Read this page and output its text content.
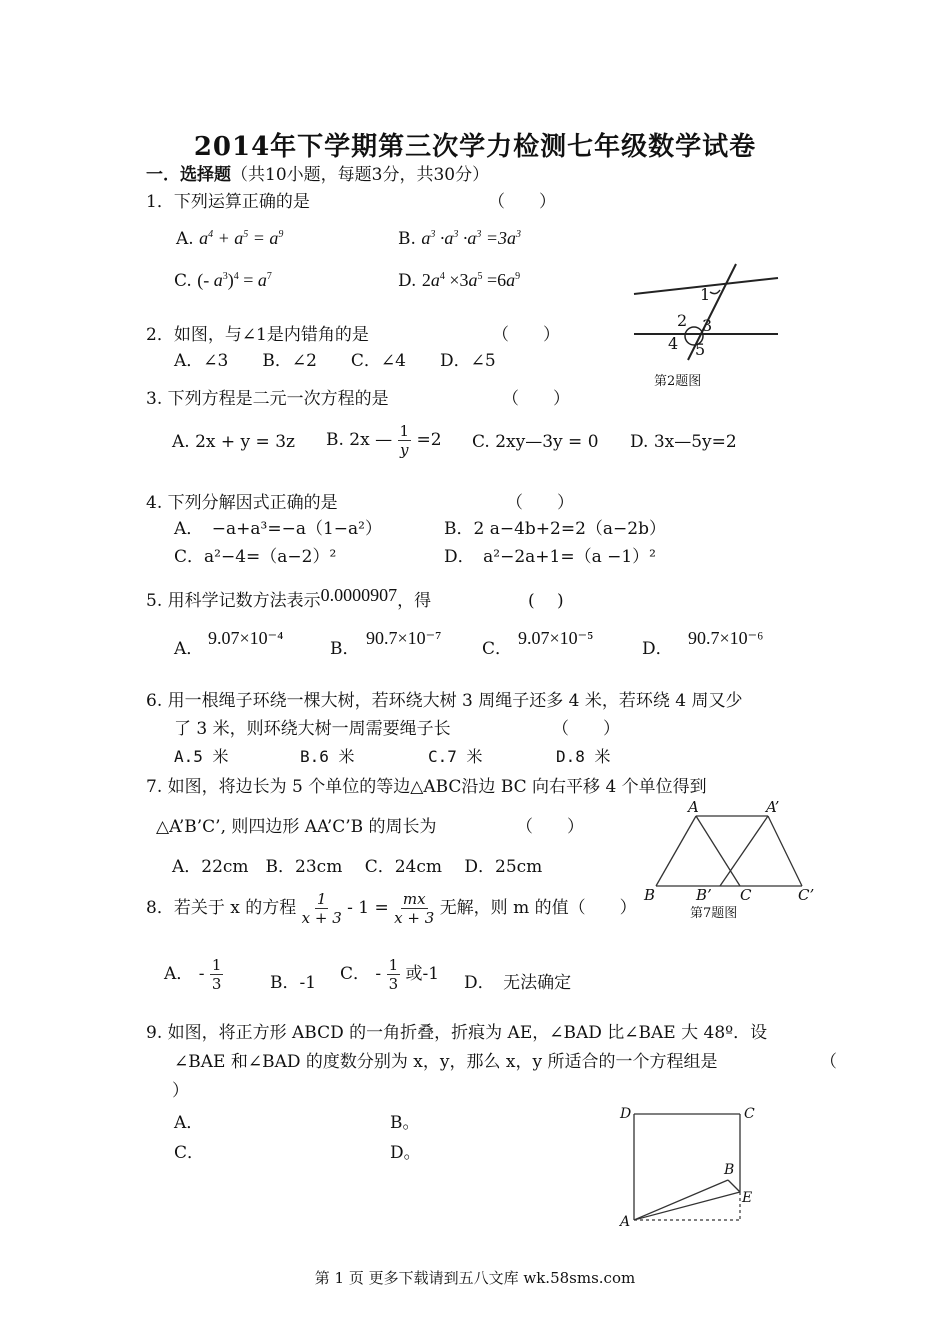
2014年下学期第三次学力检测七年级数学试卷
一．选择题（共10小题，每题3分，共30分）
1．下列运算正确的是	（　　）
A. $a^4 + a^5 = a^9$	B. $a^3 \cdot a^3 \cdot a^3 =3a^3$
C. (- $a^3)^4 = a^7$	D. $2a^4 \times 3a^5 =6a^9$
1
2 3
4 5
第2题图
2．如图，与∠1是内错角的是	（　　）
A．∠3　　B．∠2　　C．∠4　　D．∠5
3. 下列方程是二元一次方程的是	（　　）
A. 2x + y = 3z B. 2x — $\frac{1}{y} =2$ C. 2xy—3y = 0 D. 3x—5y=2
4. 下列分解因式正确的是	（　　）
A．　−a+a³=−a（1−a²）	B．2 a−4b+2=2（a−2b）
C．a²−4=（a−2）²	D．　a²−2a+1=（a −1）²
5. 用科学记数方法表示0.0000907，得	(　 )
A．
9.07×10⁻⁴
B．
90.7×10⁻⁷
C．
9.07×10⁻⁵
D．
90.7×10⁻⁶
6. 用一根绳子环绕一棵大树，若环绕大树 3 周绳子还多 4 米，若环绕 4 周又少
了 3 米，则环绕大树一周需要绳子长	（　　）
A.5 米	B.6 米	C.7 米	D.8 米
7. 如图，将边长为 5 个单位的等边△ABC沿边 BC 向右平移 4 个单位得到
△A’B’C’, 则四边形 AA’C’B 的周长为	（　　）
A．22cm　B．23cm　 C．24cm　 D．25cm
A	A’
B	B’ C	C’
第7题图
8．若关于 x 的方程 $\frac{1}{x + 3} - 1 = \frac{mx}{x + 3}$ 无解，则 m 的值（　　）
A． - $\frac{1}{3}$	B．-1 C． - $\frac{1}{3}$ 或-1 D．　无法确定
9. 如图，将正方形 ABCD 的一角折叠，折痕为 AE，∠BAD 比∠BAE 大 48º．设
∠BAE 和∠BAD 的度数分别为 x，y，那么 x，y 所适合的一个方程组是	（
）
A．	B。
C．	D。
D	C
B
E
A
第 1 页 更多下载请到五八文库 wk.58sms.com
